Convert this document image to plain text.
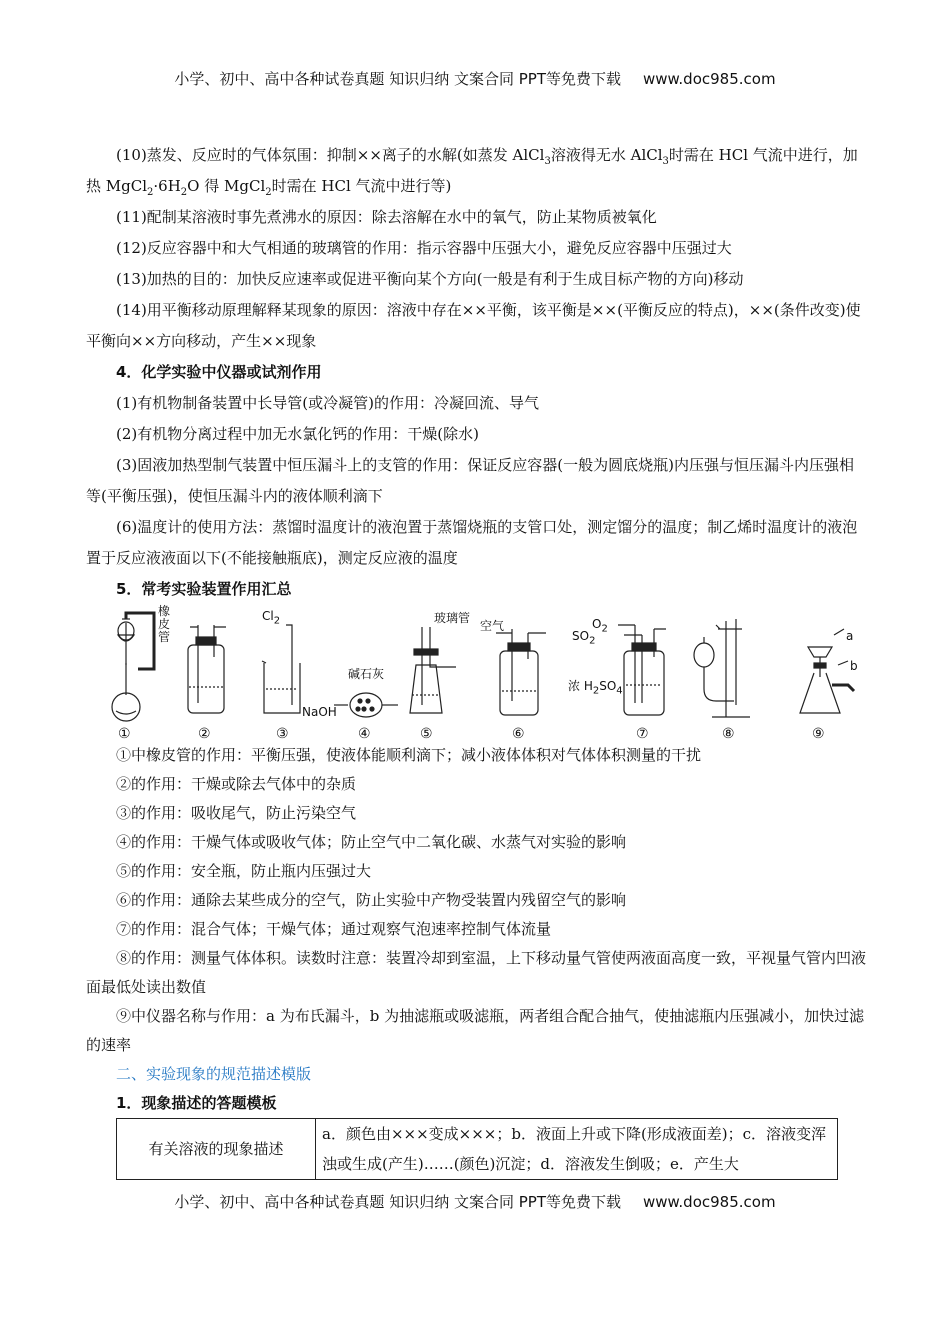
小学、初中、高中各种试卷真题 知识归纳 文案合同 PPT等免费下载 www.doc985.com

(10)蒸发、反应时的气体氛围：抑制××离子的水解(如蒸发 AlCl$_3$溶液得无水 AlCl$_3$时需在 HCl 气流中进行，加热 $MgCl_2\cdot 6H_2O$ 得 MgCl$_2$时需在 HCl 气流中进行等)

(11)配制某溶液时事先煮沸水的原因：除去溶解在水中的氧气，防止某物质被氧化

(12)反应容器中和大气相通的玻璃管的作用：指示容器中压强大小，避免反应容器中压强过大

(13)加热的目的：加快反应速率或促进平衡向某个方向(一般是有利于生成目标产物的方向)移动

(14)用平衡移动原理解释某现象的原因：溶液中存在××平衡，该平衡是××(平衡反应的特点)，××(条件改变)使平衡向××方向移动，产生××现象

4．化学实验中仪器或试剂作用

(1)有机物制备装置中长导管(或冷凝管)的作用：冷凝回流、导气

(2)有机物分离过程中加无水氯化钙的作用：干燥(除水)

(3)固液加热型制气装置中恒压漏斗上的支管的作用：保证反应容器(一般为圆底烧瓶)内压强与恒压漏斗内压强相等(平衡压强)，使恒压漏斗内的液体顺利滴下

(6)温度计的使用方法：蒸馏时温度计的液泡置于蒸馏烧瓶的支管口处，测定馏分的温度；制乙烯时温度计的液泡置于反应液液面以下(不能接触瓶底)，测定反应液的温度

5．常考实验装置作用汇总

橡
皮
管
$Cl_2$
NaOH
碱石灰
玻璃管
空气	$O_2$
$SO_2$
浓 $H_2SO_4$
a
b
①	②	③	④	⑤	⑥	⑦	⑧	⑨

①中橡皮管的作用：平衡压强，使液体能顺利滴下；减小液体体积对气体体积测量的干扰

②的作用：干燥或除去气体中的杂质

③的作用：吸收尾气，防止污染空气

④的作用：干燥气体或吸收气体；防止空气中二氧化碳、水蒸气对实验的影响

⑤的作用：安全瓶，防止瓶内压强过大

⑥的作用：通除去某些成分的空气，防止实验中产物受装置内残留空气的影响

⑦的作用：混合气体；干燥气体；通过观察气泡速率控制气体流量

⑧的作用：测量气体体积。读数时注意：装置冷却到室温，上下移动量气管使两液面高度一致，平视量气管内凹液面最低处读出数值

⑨中仪器名称与作用：a 为布氏漏斗，b 为抽滤瓶或吸滤瓶，两者组合配合抽气，使抽滤瓶内压强减小，加快过滤的速率

二、实验现象的规范描述模版

1．现象描述的答题模板

有关溶液的现象描述	a．颜色由×××变成×××；b．液面上升或下降(形成液面差)；c．溶液变浑浊或生成(产生)……(颜色)沉淀；d．溶液发生倒吸；e．产生大
小学、初中、高中各种试卷真题 知识归纳 文案合同 PPT等免费下载 www.doc985.com
